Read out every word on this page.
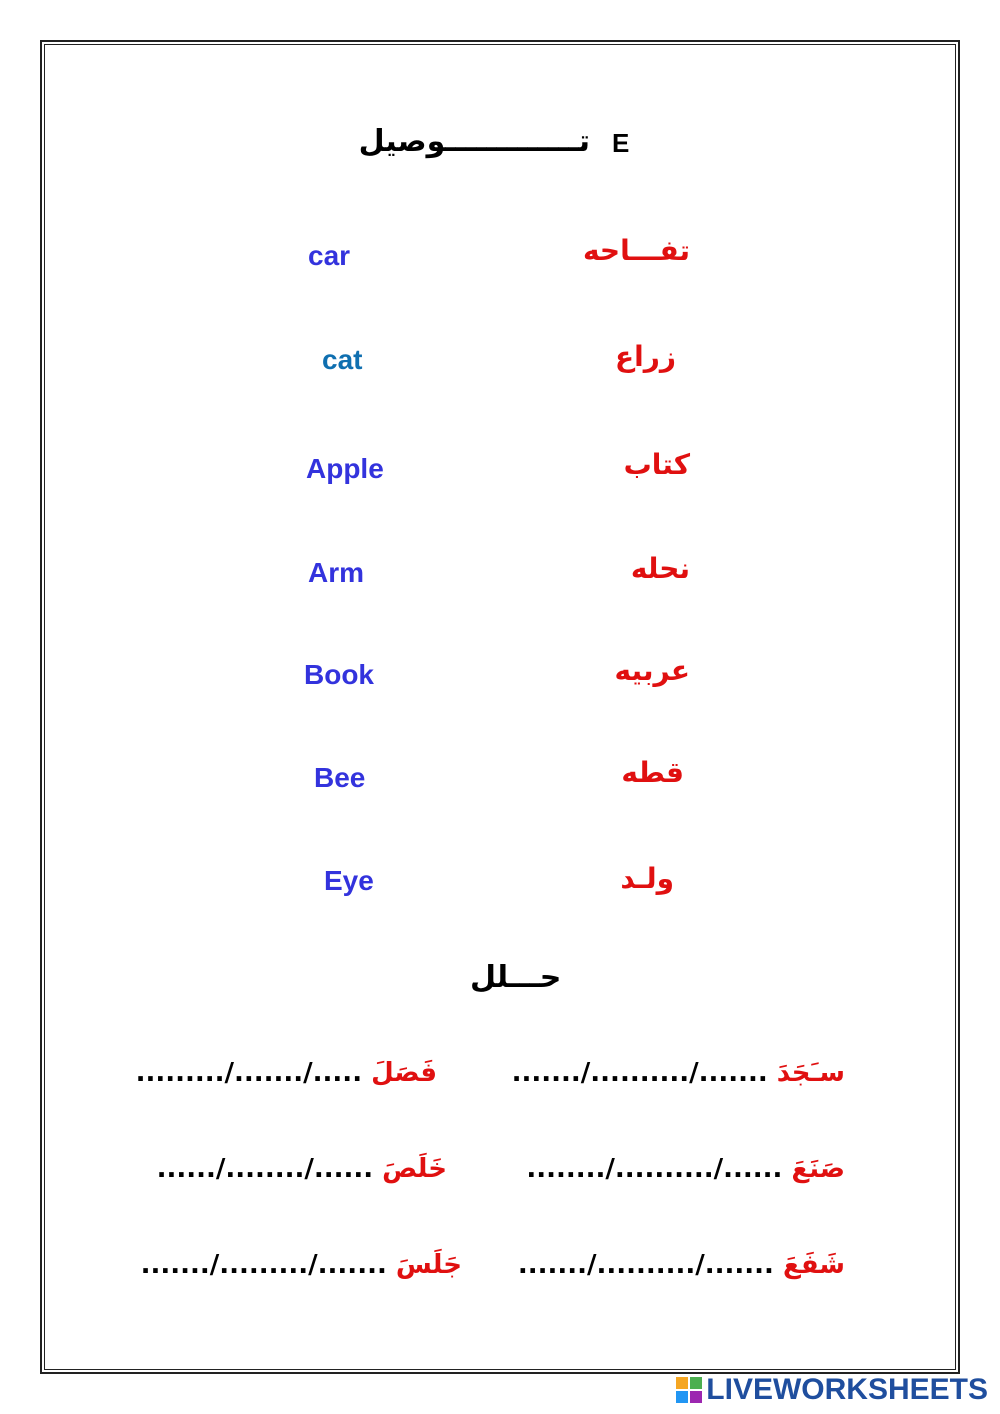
E
تـــــــــــــوصيل
car
cat
Apple
Arm
Book
Bee
Eye
تفـــاحه
زراع
كتاب
نحله
عربيه
قطه
ولـد
حـــلل
سـَجَدَ ......./........../.......
فَصَلَ ...../......./.........
صَنَعَ ....../........../........
خَلَصَ ....../......../......
شَفَعَ ......./........../.......
جَلَسَ ......./........./.......
LIVEWORKSHEETS
